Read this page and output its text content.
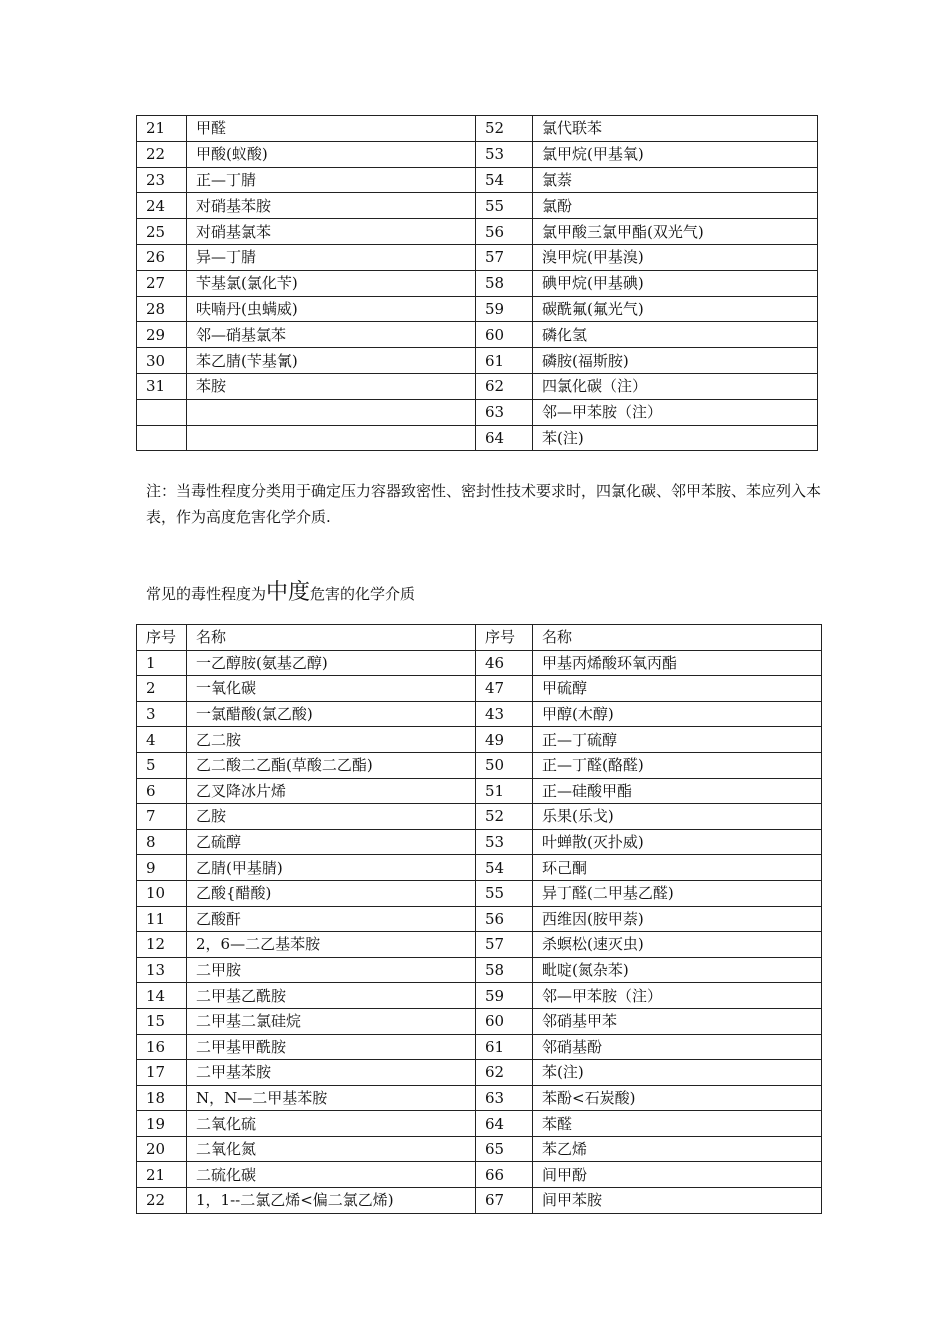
21	甲醛	52	氯代联苯
22	甲酸(蚁酸)	53	氯甲烷(甲基氧)
23	正—丁腈	54	氯萘
24	对硝基苯胺	55	氯酚
25	对硝基氯苯	56	氯甲酸三氯甲酯(双光气)
26	异—丁腈	57	溴甲烷(甲基溴)
27	苄基氯(氯化苄)	58	碘甲烷(甲基碘)
28	呋喃丹(虫螨威)	59	碳酰氟(氟光气)
29	邻—硝基氯苯	60	磷化氢
30	苯乙腈(苄基氰)	61	磷胺(福斯胺)
31	苯胺	62	四氯化碳（注）
		63	邻—甲苯胺（注）
		64	苯(注)

注：当毒性程度分类用于确定压力容器致密性、密封性技术要求时，四氯化碳、邻甲苯胺、苯应列入本表，作为高度危害化学介质.

常见的毒性程度为中度危害的化学介质

序号	名称	序号	名称
1	一乙醇胺(氨基乙醇)	46	甲基丙烯酸环氧丙酯
2	一氧化碳	47	甲硫醇
3	一氯醋酸(氯乙酸)	43	甲醇(木醇)
4	乙二胺	49	正—丁硫醇
5	乙二酸二乙酯(草酸二乙酯)	50	正—丁醛(酪醛)
6	乙叉降冰片烯	51	正—硅酸甲酯
7	乙胺	52	乐果(乐戈)
8	乙硫醇	53	叶蝉散(灭扑威)
9	乙腈(甲基腈)	54	环己酮
10	乙酸{醋酸)	55	异丁醛(二甲基乙醛)
11	乙酸酐	56	西维因(胺甲萘)
12	2，6—二乙基苯胺	57	杀螟松(速灭虫)
13	二甲胺	58	毗啶(氮杂苯)
14	二甲基乙酰胺	59	邻—甲苯胺（注）
15	二甲基二氯硅烷	60	邻硝基甲苯
16	二甲基甲酰胺	61	邻硝基酚
17	二甲基苯胺	62	苯(注)
18	N，N—二甲基苯胺	63	苯酚<石炭酸)
19	二氧化硫	64	苯醛
20	二氧化氮	65	苯乙烯
21	二硫化碳	66	间甲酚
22	1，1--二氯乙烯<偏二氯乙烯)	67	间甲苯胺
